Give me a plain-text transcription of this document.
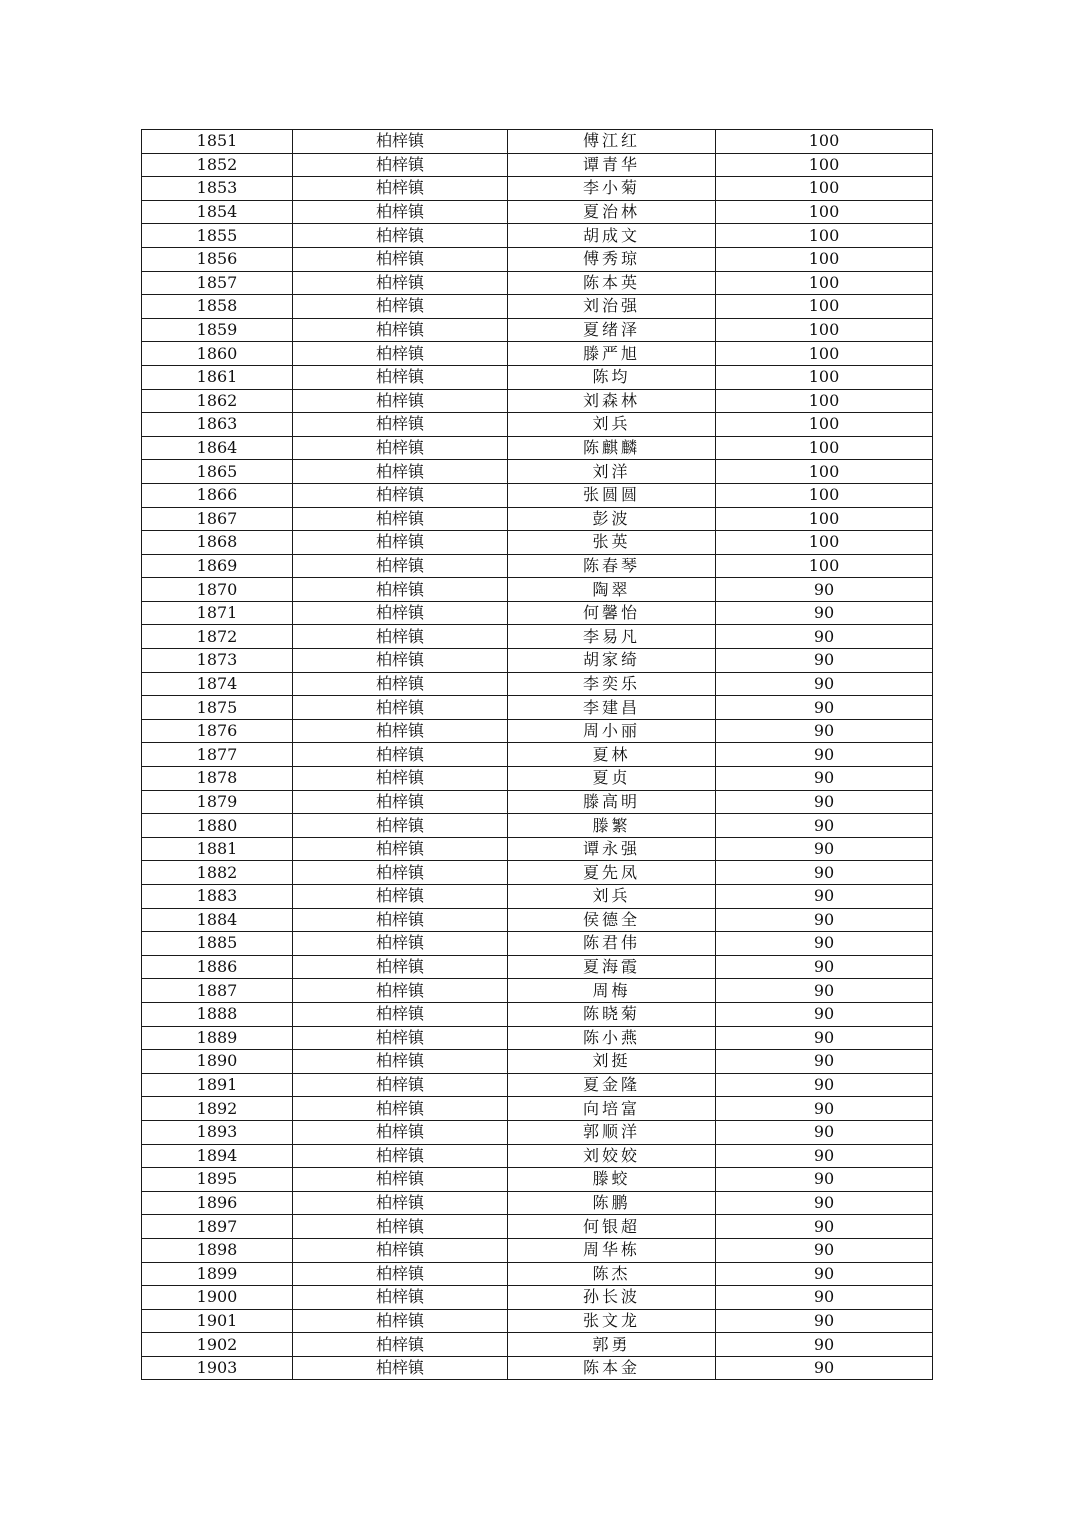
1851	柏梓镇	傅江红	100
1852	柏梓镇	谭青华	100
1853	柏梓镇	李小菊	100
1854	柏梓镇	夏治林	100
1855	柏梓镇	胡成文	100
1856	柏梓镇	傅秀琼	100
1857	柏梓镇	陈本英	100
1858	柏梓镇	刘治强	100
1859	柏梓镇	夏绪泽	100
1860	柏梓镇	滕严旭	100
1861	柏梓镇	陈均	100
1862	柏梓镇	刘森林	100
1863	柏梓镇	刘兵	100
1864	柏梓镇	陈麒麟	100
1865	柏梓镇	刘洋	100
1866	柏梓镇	张圆圆	100
1867	柏梓镇	彭波	100
1868	柏梓镇	张英	100
1869	柏梓镇	陈春琴	100
1870	柏梓镇	陶翠	90
1871	柏梓镇	何馨怡	90
1872	柏梓镇	李易凡	90
1873	柏梓镇	胡家绮	90
1874	柏梓镇	李奕乐	90
1875	柏梓镇	李建昌	90
1876	柏梓镇	周小丽	90
1877	柏梓镇	夏林	90
1878	柏梓镇	夏贞	90
1879	柏梓镇	滕高明	90
1880	柏梓镇	滕繁	90
1881	柏梓镇	谭永强	90
1882	柏梓镇	夏先凤	90
1883	柏梓镇	刘兵	90
1884	柏梓镇	侯德全	90
1885	柏梓镇	陈君伟	90
1886	柏梓镇	夏海霞	90
1887	柏梓镇	周梅	90
1888	柏梓镇	陈晓菊	90
1889	柏梓镇	陈小燕	90
1890	柏梓镇	刘挺	90
1891	柏梓镇	夏金隆	90
1892	柏梓镇	向培富	90
1893	柏梓镇	郭顺洋	90
1894	柏梓镇	刘姣姣	90
1895	柏梓镇	滕蛟	90
1896	柏梓镇	陈鹏	90
1897	柏梓镇	何银超	90
1898	柏梓镇	周华栋	90
1899	柏梓镇	陈杰	90
1900	柏梓镇	孙长波	90
1901	柏梓镇	张文龙	90
1902	柏梓镇	郭勇	90
1903	柏梓镇	陈本金	90
